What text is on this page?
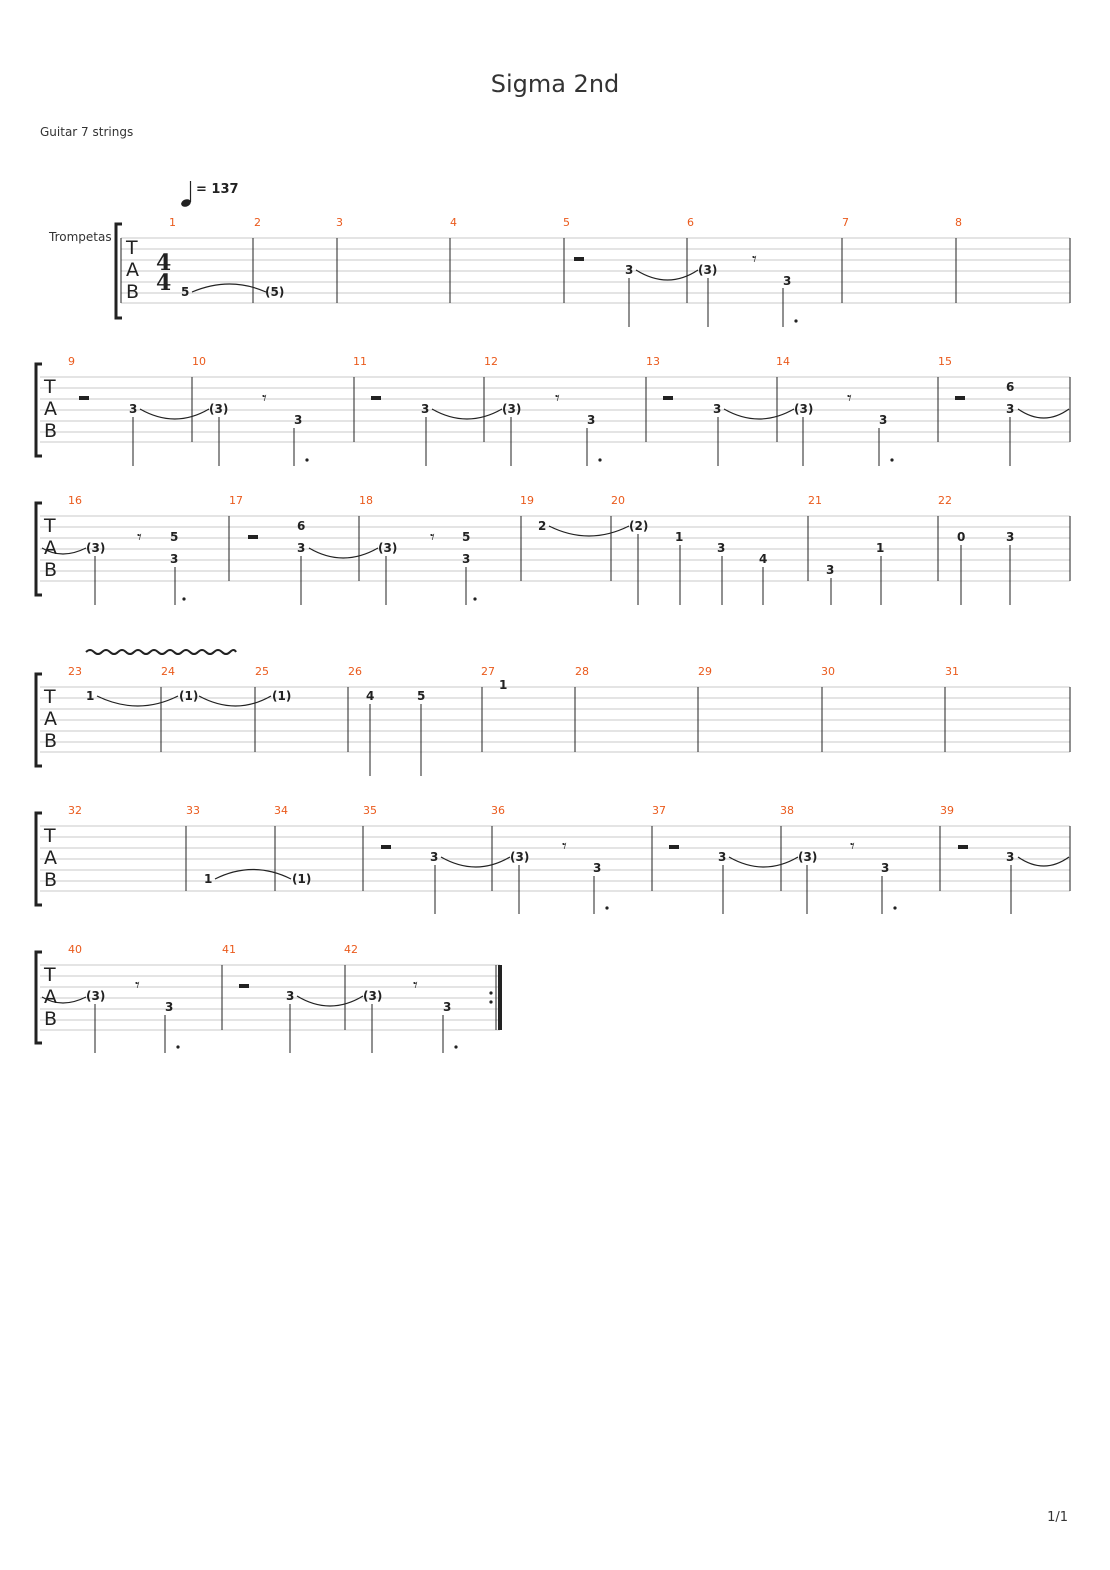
Sigma 2nd
Guitar 7 strings
1/1
= 137
Trompetas T
A
B
4
4
1	2	3	4	5	6	7	8
5	(5)
3	(3) 𝄾
3
T
A
B
9	10	11	12	13	14	15
3	(3) 𝄾
3
3	(3) 𝄾
3
3	(3) 𝄾
3
6
3
T
A
B
16	17	18	19	20	21	22
(3) 𝄾 5
3
6
3	(3) 𝄾 5
3
2	(2)
1
3
4
3
1
0	3
T
A
B
23	24	25	26	27	28	29	30	31
1	(1)	(1)	4	5
1
T
A
B
32	33	34	35	36	37	38	39
1	(1)
3	(3) 𝄾
3
3	(3) 𝄾
3
3
T
A
B
40	41	42
(3) 𝄾
3
3	(3) 𝄾
3
